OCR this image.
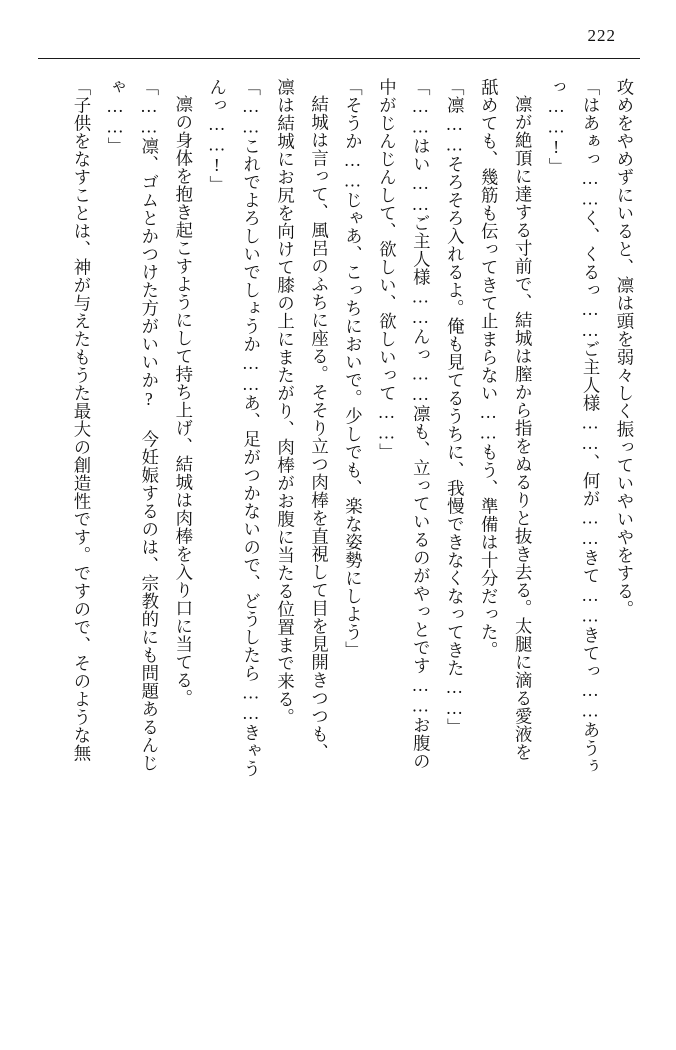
222

攻めをやめずにいると、凛は頭を弱々しく振っていやいやをする。

「はあぁっ……く、くるっ……ご主人様……、何が……きて……きてっ……あうぅ

っ……!」

凛が絶頂に達する寸前で、結城は膣から指をぬるりと抜き去る。太腿に滴る愛液を

舐めても、幾筋も伝ってきて止まらない……もう、準備は十分だった。

「凛……そろそろ入れるよ。俺も見てるうちに、我慢できなくなってきた……」

「……はい……ご主人様……んっ……凛も、立っているのがやっとです……お腹の

中がじんじんして、欲しい、欲しいって……」

「そうか……じゃあ、こっちにおいで。少しでも、楽な姿勢にしよう」

結城は言って、風呂のふちに座る。そそり立つ肉棒を直視して目を見開きつつも、

凛は結城にお尻を向けて膝の上にまたがり、肉棒がお腹に当たる位置まで来る。

「……これでよろしいでしょうか……あ、足がつかないので、どうしたら……きゃう

んっ……!」

凛の身体を抱き起こすようにして持ち上げ、結城は肉棒を入り口に当てる。

「……凛、ゴムとかつけた方がいいか? 今妊娠するのは、宗教的にも問題あるんじ

ゃ……」

「子供をなすことは、神が与えたもうた最大の創造性です。ですので、そのような無
